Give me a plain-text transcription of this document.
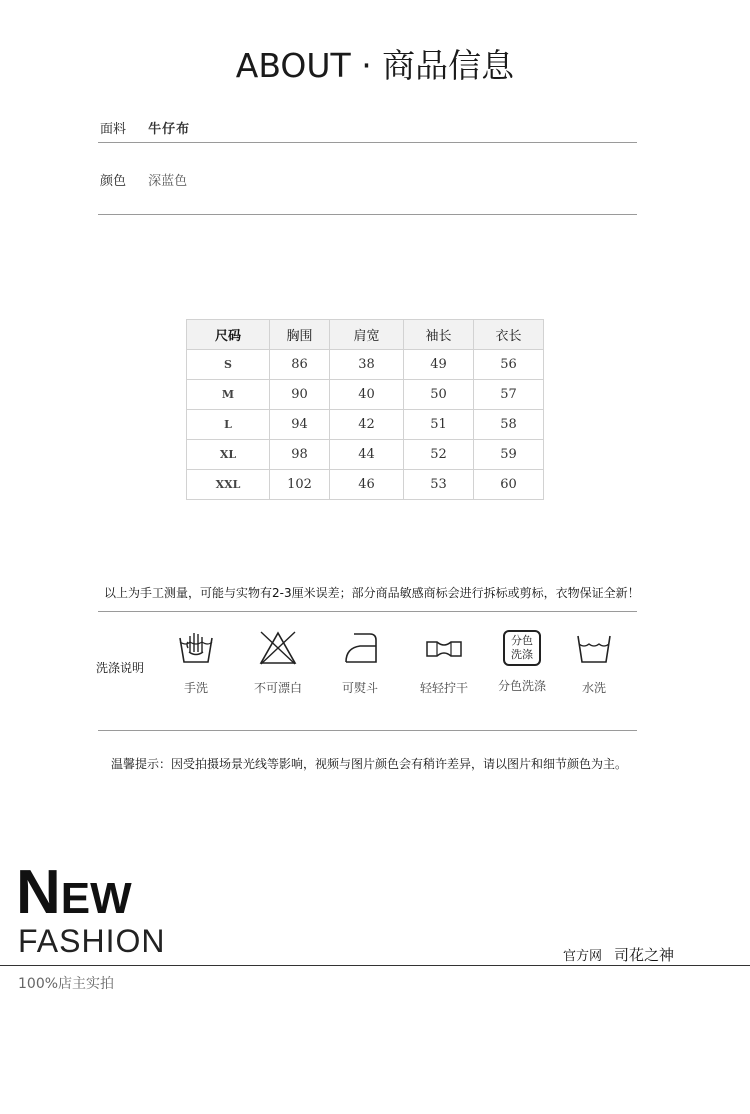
ABOUT · 商品信息
面料 牛仔布
颜色 深蓝色
尺码	胸围	肩宽	袖长	衣长
S	86	38	49	56
M	90	40	50	57
L	94	42	51	58
XL	98	44	52	59
XXL	102	46	53	60
以上为手工测量，可能与实物有2-3厘米误差；部分商品敏感商标会进行拆标或剪标，衣物保证全新！
洗涤说明
手洗	不可漂白	可熨斗	轻轻拧干
分色
洗涤
分色洗涤	水洗
温馨提示：因受拍摄场景光线等影响，视频与图片颜色会有稍许差异，请以图片和细节颜色为主。
NEW
FASHION	官方网 司花之神
100%店主实拍
